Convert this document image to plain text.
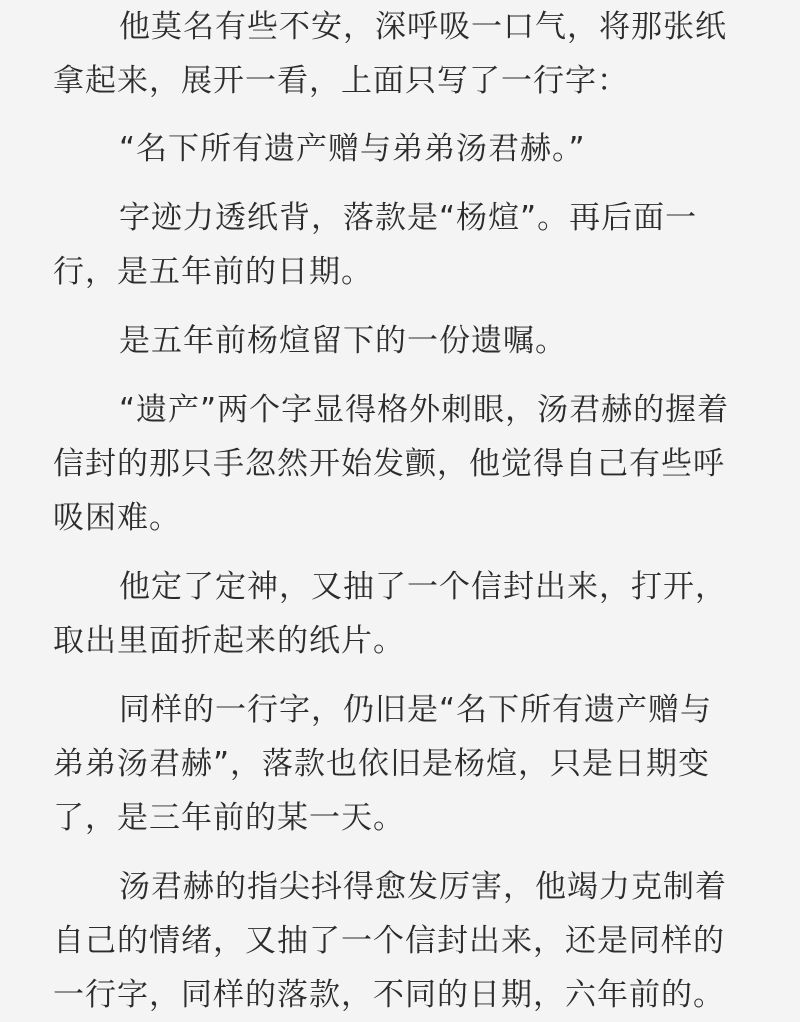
他莫名有些不安，深呼吸一口气，将那张纸
拿起来，展开一看，上面只写了一行字：

“名下所有遗产赠与弟弟汤君赫。”

字迹力透纸背，落款是“杨煊”。再后面一
行，是五年前的日期。

是五年前杨煊留下的一份遗嘱。

“遗产”两个字显得格外刺眼，汤君赫的握着
信封的那只手忽然开始发颤，他觉得自己有些呼
吸困难。

他定了定神，又抽了一个信封出来，打开，
取出里面折起来的纸片。

同样的一行字，仍旧是“名下所有遗产赠与
弟弟汤君赫”，落款也依旧是杨煊，只是日期变
了，是三年前的某一天。

汤君赫的指尖抖得愈发厉害，他竭力克制着
自己的情绪，又抽了一个信封出来，还是同样的
一行字，同样的落款，不同的日期，六年前的。
